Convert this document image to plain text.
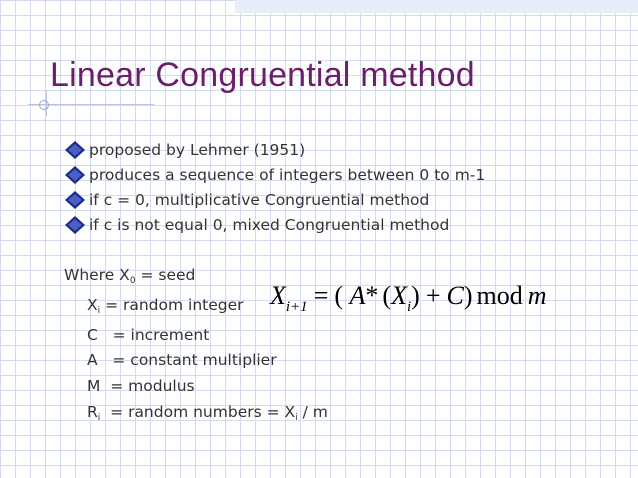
Linear Congruential method
proposed by Lehmer (1951)
produces a sequence of integers between 0 to m-1
if c = 0, multiplicative Congruential method
if c is not equal 0, mixed Congruential method
Where $X_0$ = seed
$X_i$ = random integer
C   = increment
A   = constant multiplier
M  = modulus
$R_i$  = random numbers = $X_i$ / m
$X_{i+1}$ = ( A* $(X_i) + C$) mod m
